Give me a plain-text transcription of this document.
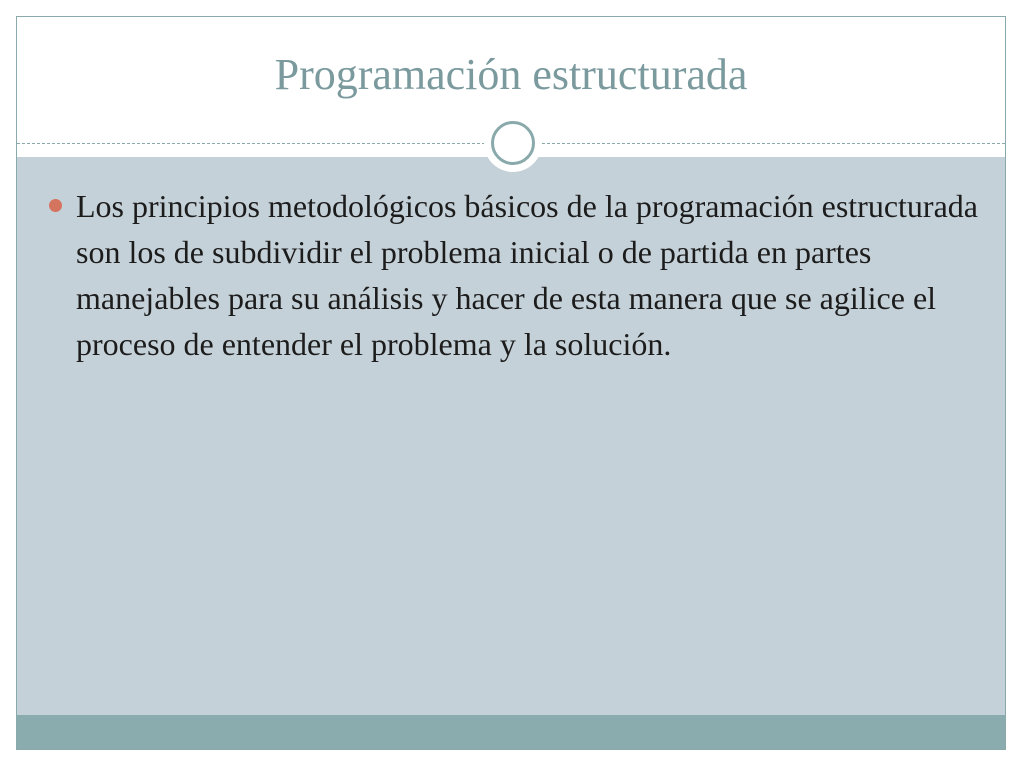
Programación estructurada
Los principios metodológicos básicos de la programación estructurada son los de subdividir el problema inicial o de partida en partes manejables para su análisis y hacer de esta manera que se agilice el proceso de entender el problema y la solución.
